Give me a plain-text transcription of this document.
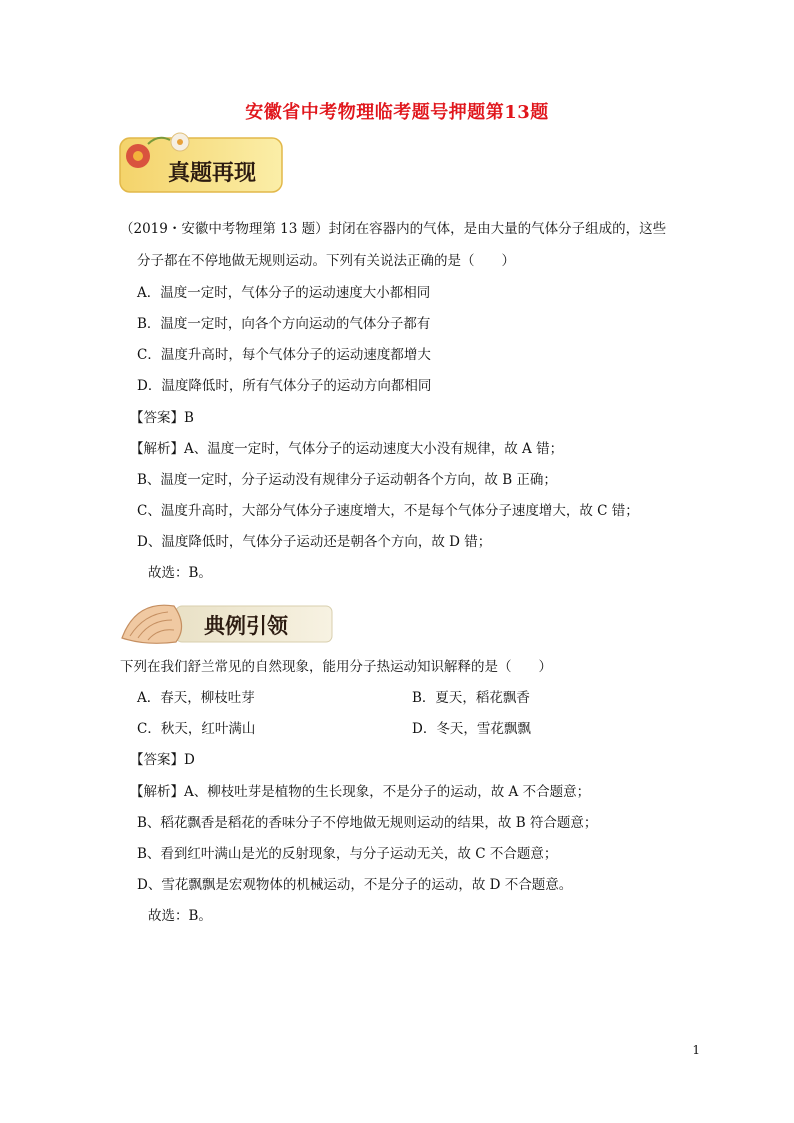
安徽省中考物理临考题号押题第13题
真题再现
（2019・安徽中考物理第 13 题）封闭在容器内的气体，是由大量的气体分子组成的，这些
分子都在不停地做无规则运动。下列有关说法正确的是（　　）
A．温度一定时，气体分子的运动速度大小都相同
B．温度一定时，向各个方向运动的气体分子都有
C．温度升高时，每个气体分子的运动速度都增大
D．温度降低时，所有气体分子的运动方向都相同
【答案】B
【解析】A、温度一定时，气体分子的运动速度大小没有规律，故 A 错；
B、温度一定时，分子运动没有规律分子运动朝各个方向，故 B 正确；
C、温度升高时，大部分气体分子速度增大，不是每个气体分子速度增大，故 C 错；
D、温度降低时，气体分子运动还是朝各个方向，故 D 错；
故选：B。
典例引领
下列在我们舒兰常见的自然现象，能用分子热运动知识解释的是（　　）
A．春天，柳枝吐芽	B．夏天，稻花飘香
C．秋天，红叶满山	D．冬天，雪花飘飘
【答案】D
【解析】A、柳枝吐芽是植物的生长现象，不是分子的运动，故 A 不合题意；
B、稻花飘香是稻花的香味分子不停地做无规则运动的结果，故 B 符合题意；
B、看到红叶满山是光的反射现象，与分子运动无关，故 C 不合题意；
D、雪花飘飘是宏观物体的机械运动，不是分子的运动，故 D 不合题意。
故选：B。
1
